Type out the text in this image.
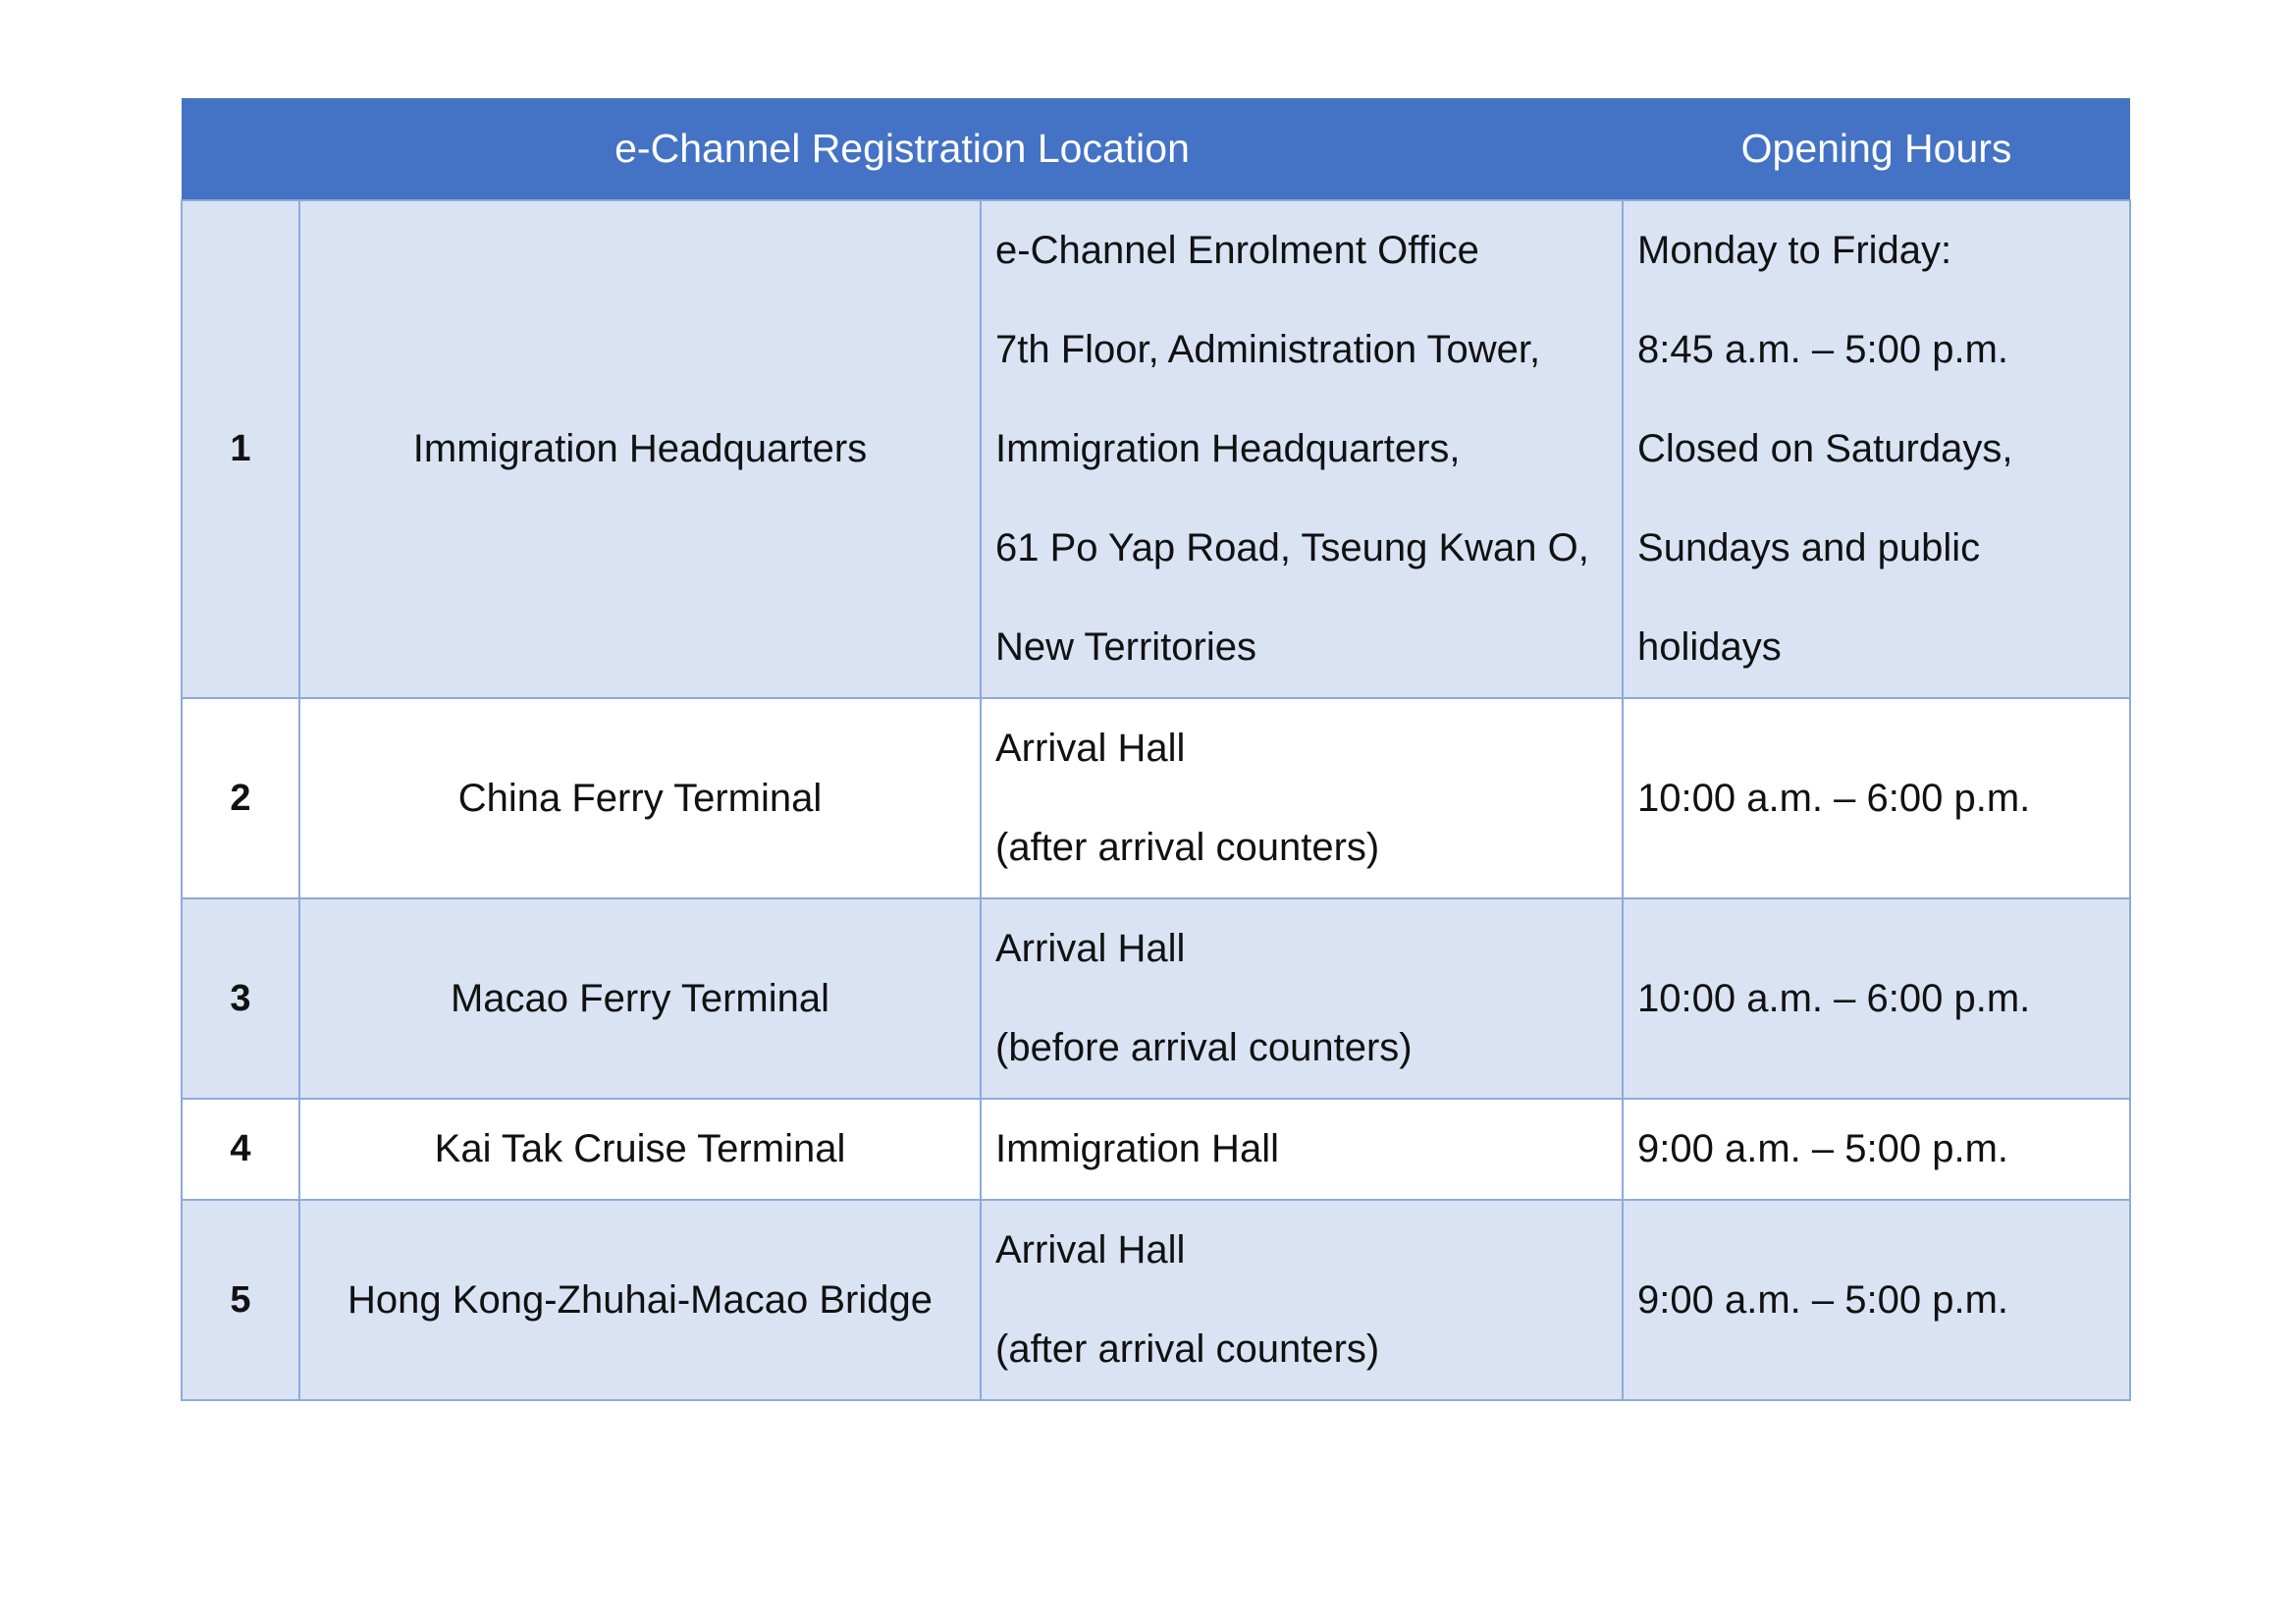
e-Channel Registration Location			Opening Hours
1	Immigration Headquarters	e-Channel Enrolment Office
7th Floor, Administration Tower,
Immigration Headquarters,
61 Po Yap Road, Tseung Kwan O,
New Territories	Monday to Friday:
8:45 a.m. – 5:00 p.m.
Closed on Saturdays,
Sundays and public
holidays

2	China Ferry Terminal	Arrival Hall
(after arrival counters)	10:00 a.m. – 6:00 p.m.

3	Macao Ferry Terminal	Arrival Hall
(before arrival counters)	10:00 a.m. – 6:00 p.m.

4	Kai Tak Cruise Terminal	Immigration Hall	9:00 a.m. – 5:00 p.m.

5	Hong Kong-Zhuhai-Macao Bridge	Arrival Hall
(after arrival counters)	9:00 a.m. – 5:00 p.m.
